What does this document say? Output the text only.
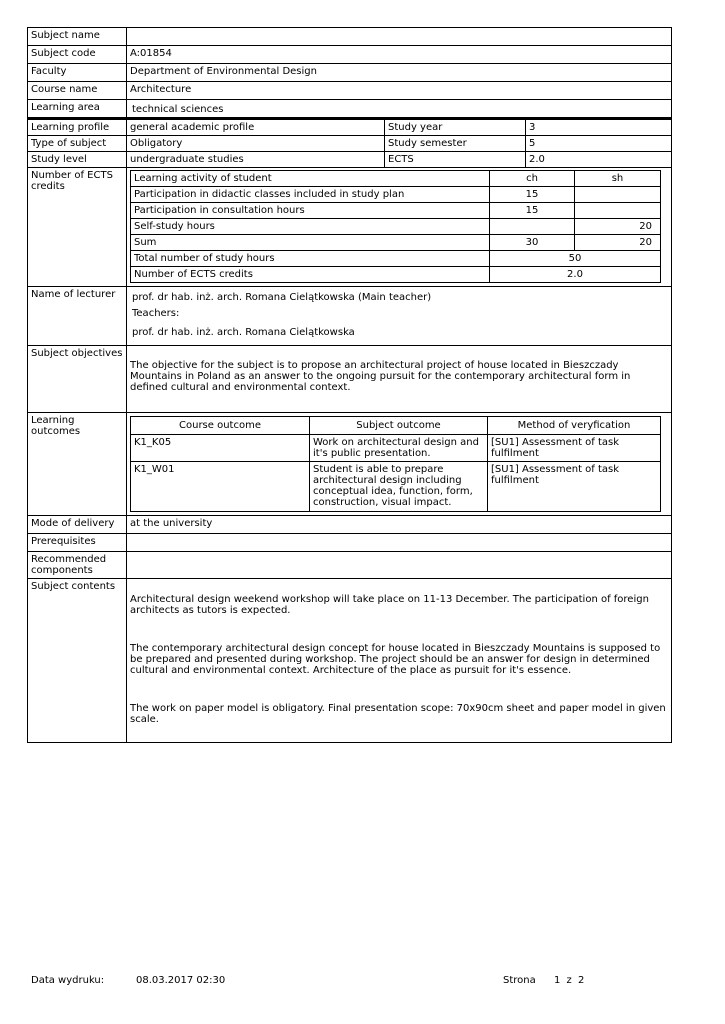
Subject name
Subject code	A:01854
Faculty	Department of Environmental Design
Course name	Architecture
Learning area	technical sciences
Learning profile	general academic profile	Study year	3
Type of subject	Obligatory	Study semester	5
Study level	undergraduate studies	ECTS	2.0
Number of ECTS credits
Learning activity of student	ch	sh
Participation in didactic classes included in study plan	15	
Participation in consultation hours	15	
Self-study hours		20
Sum	30	20
Total number of study hours	50	
Number of ECTS credits	2.0	
Name of lecturer	prof. dr hab. inż. arch. Romana Cielątkowska (Main teacher)
Teachers:
prof. dr hab. inż. arch. Romana Cielątkowska
Subject objectives
The objective for the subject is to propose an architectural project of house located in Bieszczady Mountains in Poland as an answer to the ongoing pursuit for the contemporary architectural form in defined cultural and environmental context.
Learning outcomes
Course outcome	Subject outcome	Method of veryfication
K1_K05	Work on architectural design and it's public presentation.	[SU1] Assessment of task fulfilment
K1_W01	Student is able to prepare architectural design including conceptual idea, function, form, construction, visual impact.	[SU1] Assessment of task fulfilment
Mode of delivery	at the university
Prerequisites
Recommended components
Subject contents

Architectural design weekend workshop will take place on 11-13 December. The participation of foreign architects as tutors is expected.

The contemporary architectural design concept for house located in Bieszczady Mountains is supposed to be prepared and presented during workshop. The project should be an answer for design in determined cultural and environmental context. Architecture of the place as pursuit for it's essence.

The work on paper model is obligatory. Final presentation scope: 70x90cm sheet and paper model in given scale.

Data wydruku:	08.03.2017 02:30	Strona 1 z 2
